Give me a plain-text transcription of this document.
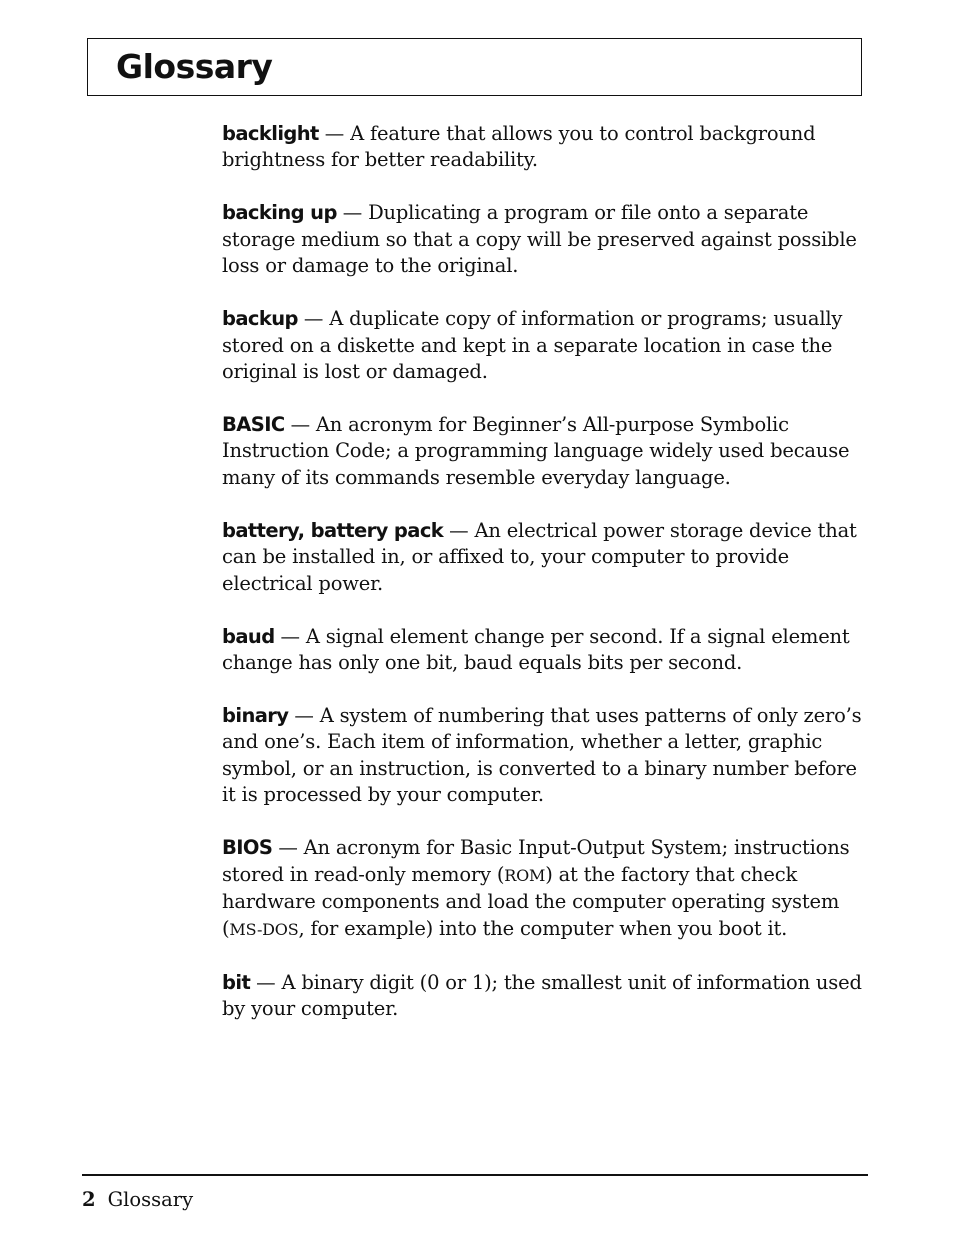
Glossary

backlight — A feature that allows you to control background brightness for better readability.

backing up — Duplicating a program or file onto a separate storage medium so that a copy will be preserved against possible loss or damage to the original.

backup — A duplicate copy of information or programs; usually stored on a diskette and kept in a separate location in case the original is lost or damaged.

BASIC — An acronym for Beginner’s All-purpose Symbolic Instruction Code; a programming language widely used because many of its commands resemble everyday language.

battery, battery pack — An electrical power storage device that can be installed in, or affixed to, your computer to provide electrical power.

baud — A signal element change per second. If a signal element change has only one bit, baud equals bits per second.

binary — A system of numbering that uses patterns of only zero’s and one’s. Each item of information, whether a letter, graphic symbol, or an instruction, is converted to a binary number before it is processed by your computer.

BIOS — An acronym for Basic Input-Output System; instructions stored in read-only memory (ROM) at the factory that check hardware components and load the computer operating system (MS-DOS, for example) into the computer when you boot it.

bit — A binary digit (0 or 1); the smallest unit of information used by your computer.

2 Glossary
